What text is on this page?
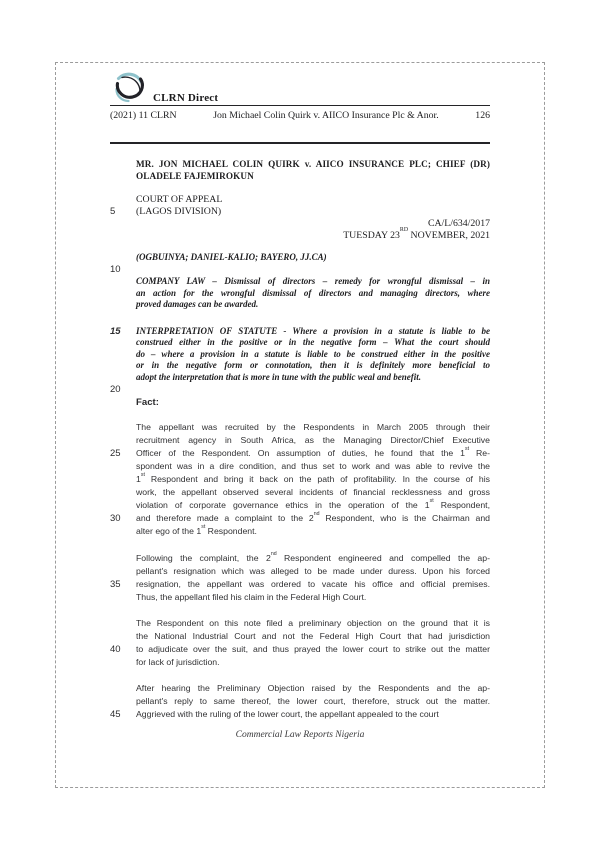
CLRN Direct
(2021) 11 CLRN	Jon Michael Colin Quirk v. AIICO Insurance Plc & Anor.	126
MR. JON MICHAEL COLIN QUIRK v. AIICO INSURANCE PLC; CHIEF (DR)
OLADELE FAJEMIROKUN
COURT OF APPEAL
5	(LAGOS DIVISION)
CA/L/634/2017
TUESDAY 23RD NOVEMBER, 2021
(OGBUINYA; DANIEL-KALIO; BAYERO, JJ.CA)
10
COMPANY LAW – Dismissal of directors – remedy for wrongful dismissal – in
an action for the wrongful dismissal of directors and managing directors, where
proved damages can be awarded.
15	INTERPRETATION OF STATUTE - Where a provision in a statute is liable to be
construed either in the positive or in the negative form – What the court should
do – where a provision in a statute is liable to be construed either in the positive
or in the negative form or connotation, then it is definitely more beneficial to
adopt the interpretation that is more in tune with the public weal and benefit.
20
Fact:
The appellant was recruited by the Respondents in March 2005 through their
recruitment agency in South Africa, as the Managing Director/Chief Executive
25	Officer of the Respondent. On assumption of duties, he found that the 1st Re-
spondent was in a dire condition, and thus set to work and was able to revive the
1st Respondent and bring it back on the path of profitability. In the course of his
work, the appellant observed several incidents of financial recklessness and gross
violation of corporate governance ethics in the operation of the 1st Respondent,
30	and therefore made a complaint to the 2nd Respondent, who is the Chairman and
alter ego of the 1st Respondent.
Following the complaint, the 2nd Respondent engineered and compelled the ap-
pellant's resignation which was alleged to be made under duress. Upon his forced
35	resignation, the appellant was ordered to vacate his office and official premises.
Thus, the appellant filed his claim in the Federal High Court.
The Respondent on this note filed a preliminary objection on the ground that it is
the National Industrial Court and not the Federal High Court that had jurisdiction
40	to adjudicate over the suit, and thus prayed the lower court to strike out the matter
for lack of jurisdiction.
After hearing the Preliminary Objection raised by the Respondents and the ap-
pellant's reply to same thereof, the lower court, therefore, struck out the matter.
45	Aggrieved with the ruling of the lower court, the appellant appealed to the court
Commercial Law Reports Nigeria
